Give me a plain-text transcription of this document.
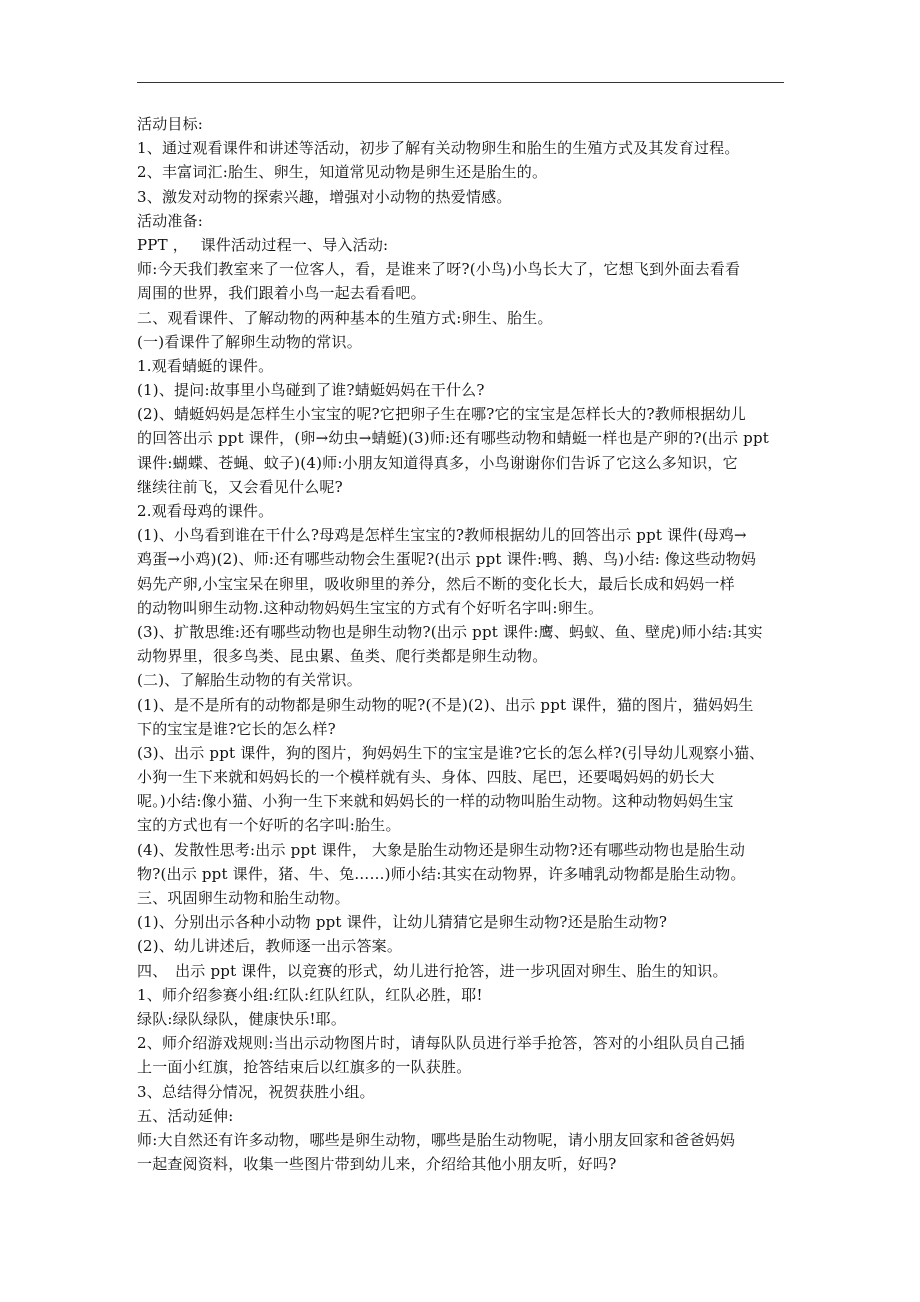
活动目标:
1、通过观看课件和讲述等活动，初步了解有关动物卵生和胎生的生殖方式及其发育过程。
2、丰富词汇:胎生、卵生，知道常见动物是卵生还是胎生的。
3、激发对动物的探索兴趣，增强对小动物的热爱情感。
活动准备:
PPT ，　 课件活动过程一、导入活动:
师:今天我们教室来了一位客人，看，是谁来了呀?(小鸟)小鸟长大了，它想飞到外面去看看
周围的世界，我们跟着小鸟一起去看看吧。
二、观看课件、了解动物的两种基本的生殖方式:卵生、胎生。
(一)看课件了解卵生动物的常识。
1.观看蜻蜓的课件。
(1)、提问:故事里小鸟碰到了谁?蜻蜓妈妈在干什么?
(2)、蜻蜓妈妈是怎样生小宝宝的呢?它把卵子生在哪?它的宝宝是怎样长大的?教师根据幼儿
的回答出示 ppt 课件，(卵→幼虫→蜻蜓)(3)师:还有哪些动物和蜻蜓一样也是产卵的?(出示 ppt
课件:蝴蝶、苍蝇、蚊子)(4)师:小朋友知道得真多，小鸟谢谢你们告诉了它这么多知识，它
继续往前飞，又会看见什么呢?
2.观看母鸡的课件。
(1)、小鸟看到谁在干什么?母鸡是怎样生宝宝的?教师根据幼儿的回答出示 ppt 课件(母鸡→
鸡蛋→小鸡)(2)、师:还有哪些动物会生蛋呢?(出示 ppt 课件:鸭、鹅、鸟)小结: 像这些动物妈
妈先产卵,小宝宝呆在卵里，吸收卵里的养分，然后不断的变化长大，最后长成和妈妈一样
的动物叫卵生动物.这种动物妈妈生宝宝的方式有个好听名字叫:卵生。
(3)、扩散思维:还有哪些动物也是卵生动物?(出示 ppt 课件:鹰、蚂蚁、鱼、壁虎)师小结:其实
动物界里，很多鸟类、昆虫累、鱼类、爬行类都是卵生动物。
(二)、了解胎生动物的有关常识。
(1)、是不是所有的动物都是卵生动物的呢?(不是)(2)、出示 ppt 课件，猫的图片，猫妈妈生
下的宝宝是谁?它长的怎么样?
(3)、出示 ppt 课件，狗的图片，狗妈妈生下的宝宝是谁?它长的怎么样?(引导幼儿观察小猫、
小狗一生下来就和妈妈长的一个模样就有头、身体、四肢、尾巴，还要喝妈妈的奶长大
呢。)小结:像小猫、小狗一生下来就和妈妈长的一样的动物叫胎生动物。这种动物妈妈生宝
宝的方式也有一个好听的名字叫:胎生。
(4)、发散性思考:出示 ppt 课件， 大象是胎生动物还是卵生动物?还有哪些动物也是胎生动
物?(出示 ppt 课件，猪、牛、兔……)师小结:其实在动物界，许多哺乳动物都是胎生动物。
三、巩固卵生动物和胎生动物。
(1)、分别出示各种小动物 ppt 课件，让幼儿猜猜它是卵生动物?还是胎生动物?
(2)、幼儿讲述后，教师逐一出示答案。
四、　出示 ppt 课件，以竞赛的形式，幼儿进行抢答，进一步巩固对卵生、胎生的知识。
1、师介绍参赛小组:红队:红队红队，红队必胜，耶!
绿队:绿队绿队，健康快乐!耶。
2、师介绍游戏规则:当出示动物图片时，请每队队员进行举手抢答，答对的小组队员自己插
上一面小红旗，抢答结束后以红旗多的一队获胜。
3、总结得分情况，祝贺获胜小组。
五、活动延伸:
师:大自然还有许多动物，哪些是卵生动物，哪些是胎生动物呢，请小朋友回家和爸爸妈妈
一起查阅资料，收集一些图片带到幼儿来，介绍给其他小朋友听，好吗?
